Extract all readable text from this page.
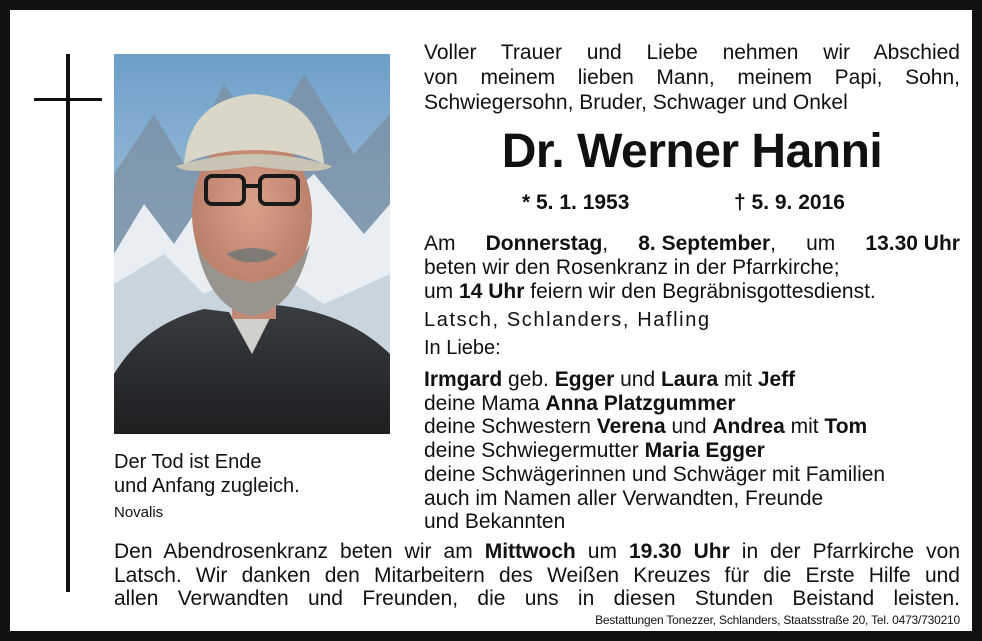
Der Tod ist Ende
und Anfang zugleich.
Novalis
Voller Trauer und Liebe nehmen wir Abschied
von meinem lieben Mann, meinem Papi, Sohn,
Schwiegersohn, Bruder, Schwager und Onkel
Dr. Werner Hanni
* 5. 1. 1953	† 5. 9. 2016
Am Donnerstag, 8. September, um 13.30 Uhr
beten wir den Rosenkranz in der Pfarrkirche;
um 14 Uhr feiern wir den Begräbnisgottesdienst.
Latsch, Schlanders, Hafling
In Liebe:
Irmgard geb. Egger und Laura mit Jeff
deine Mama Anna Platzgummer
deine Schwestern Verena und Andrea mit Tom
deine Schwiegermutter Maria Egger
deine Schwägerinnen und Schwäger mit Familien
auch im Namen aller Verwandten, Freunde
und Bekannten
Den Abendrosenkranz beten wir am Mittwoch um 19.30 Uhr in der Pfarrkirche von
Latsch. Wir danken den Mitarbeitern des Weißen Kreuzes für die Erste Hilfe und
allen Verwandten und Freunden, die uns in diesen Stunden Beistand leisten.
Bestattungen Tonezzer, Schlanders, Staatsstraße 20, Tel. 0473/730210
